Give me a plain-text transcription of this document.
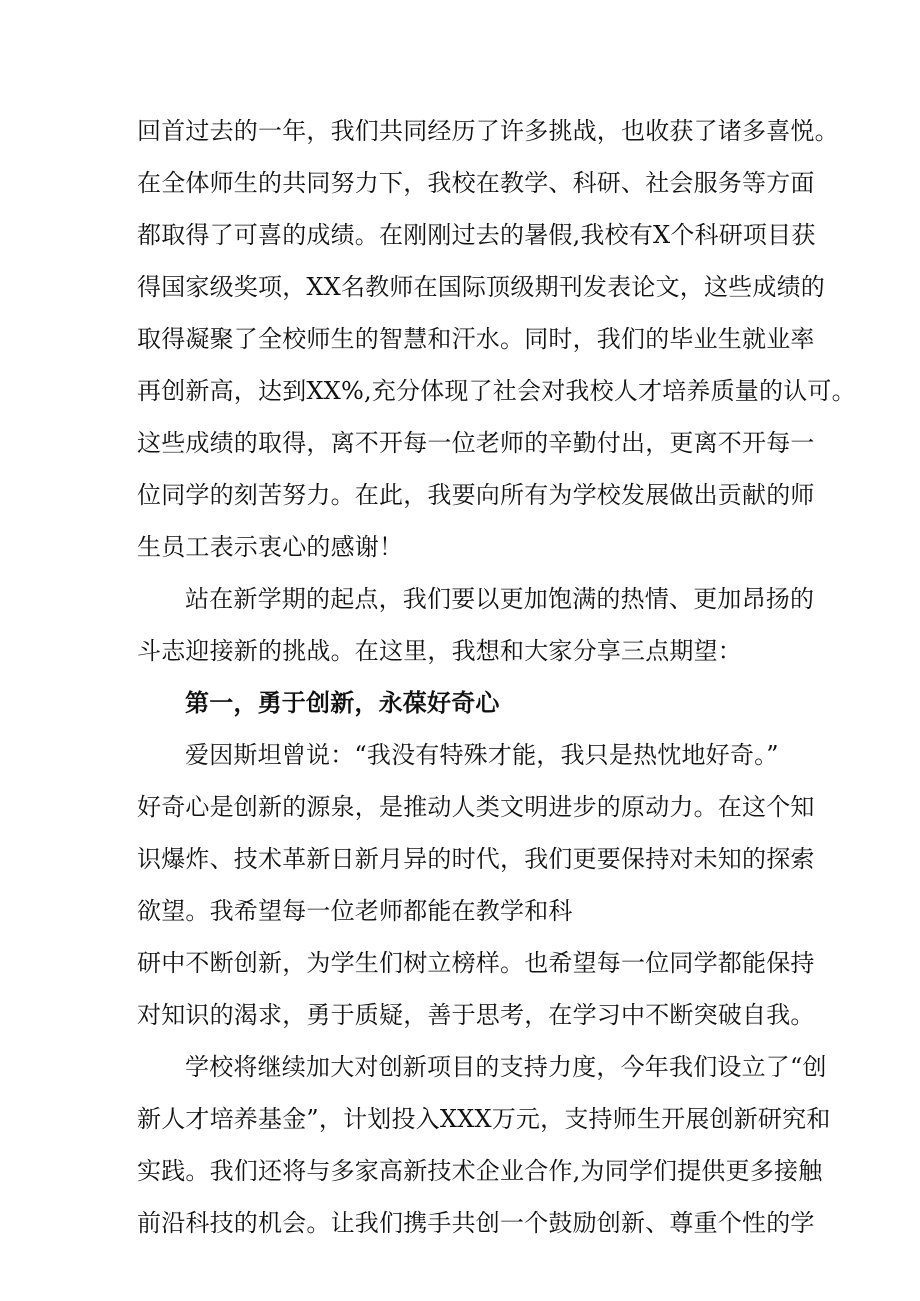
回首过去的一年，我们共同经历了许多挑战，也收获了诸多喜悦。
在全体师生的共同努力下，我校在教学、科研、社会服务等方面
都取得了可喜的成绩。在刚刚过去的暑假,我校有X个科研项目获
得国家级奖项，XX名教师在国际顶级期刊发表论文，这些成绩的
取得凝聚了全校师生的智慧和汗水。同时，我们的毕业生就业率
再创新高，达到XX%,充分体现了社会对我校人才培养质量的认可。
这些成绩的取得，离不开每一位老师的辛勤付出，更离不开每一
位同学的刻苦努力。在此，我要向所有为学校发展做出贡献的师
生员工表示衷心的感谢！
站在新学期的起点，我们要以更加饱满的热情、更加昂扬的
斗志迎接新的挑战。在这里，我想和大家分享三点期望：
第一，勇于创新，永葆好奇心
爱因斯坦曾说：“我没有特殊才能，我只是热忱地好奇。”
好奇心是创新的源泉，是推动人类文明进步的原动力。在这个知
识爆炸、技术革新日新月异的时代，我们更要保持对未知的探索
欲望。我希望每一位老师都能在教学和科
研中不断创新，为学生们树立榜样。也希望每一位同学都能保持
对知识的渴求，勇于质疑，善于思考，在学习中不断突破自我。
学校将继续加大对创新项目的支持力度，今年我们设立了“创
新人才培养基金”，计划投入XXX万元，支持师生开展创新研究和
实践。我们还将与多家高新技术企业合作,为同学们提供更多接触
前沿科技的机会。让我们携手共创一个鼓励创新、尊重个性的学
